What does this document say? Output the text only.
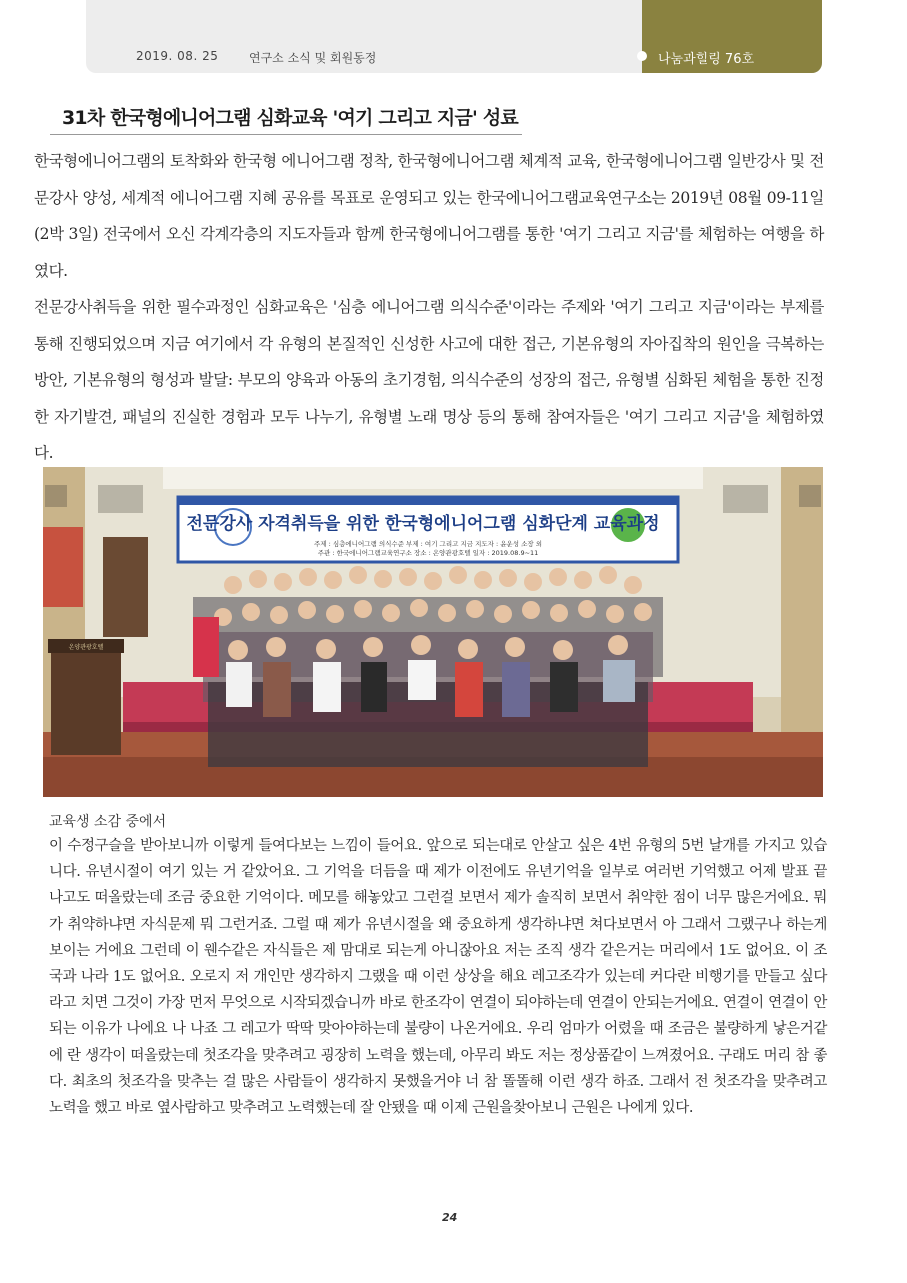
2019. 08. 25	연구소 소식 및 회원동정	나눔과힐링 76호
31차 한국형에니어그램 심화교육 '여기 그리고 지금' 성료

한국형에니어그램의 토착화와 한국형 에니어그램 정착, 한국형에니어그램 체계적 교육, 한국형에니어그램 일반강사 및 전문강사 양성, 세계적 에니어그램 지혜 공유를 목표로 운영되고 있는 한국에니어그램교육연구소는 2019년 08월 09-11일(2박 3일) 전국에서 오신 각계각층의 지도자들과 함께 한국형에니어그램를 통한 '여기 그리고 지금'를 체험하는 여행을 하였다.

전문강사취득을 위한 필수과정인 심화교육은 '심층 에니어그램 의식수준'이라는 주제와 '여기 그리고 지금'이라는 부제를 통해 진행되었으며 지금 여기에서 각 유형의 본질적인 신성한 사고에 대한 접근, 기본유형의 자아집착의 원인을 극복하는 방안, 기본유형의 형성과 발달: 부모의 양육과 아동의 초기경험, 의식수준의 성장의 접근, 유형별 심화된 체험을 통한 진정한 자기발견, 패널의 진실한 경험과 모두 나누기, 유형별 노래 명상 등의 통해 참여자들은 '여기 그리고 지금'을 체험하였다.

전문강사 자격취득을 위한 한국형에니어그램 심화단계 교육과정
주제 : 심층에니어그램 의식수준 부제 : 여기 그리고 지금 지도자 : 윤운성 소장 외
주관 : 한국에니어그램교육연구소 장소 : 온양관광호텔 일자 : 2019.08.9~11
온양관광호텔
교육생 소감 중에서

이 수정구슬을 받아보니까 이렇게 들여다보는 느낌이 들어요. 앞으로 되는대로 안살고 싶은 4번 유형의 5번 날개를 가지고 있습니다. 유년시절이 여기 있는 거 같았어요. 그 기억을 더듬을 때 제가 이전에도 유년기억을 일부로 여러번 기억했고 어제 발표 끝나고도 떠올랐는데 조금 중요한 기억이다. 메모를 해놓았고 그런걸 보면서 제가 솔직히 보면서 취약한 점이 너무 많은거에요. 뭐가 취약하냐면 자식문제 뭐 그런거죠. 그럴 때 제가 유년시절을 왜 중요하게 생각하냐면 쳐다보면서 아 그래서 그랬구나 하는게 보이는 거에요 그런데 이 웬수같은 자식들은 제 맘대로 되는게 아니잖아요 저는 조직 생각 같은거는 머리에서 1도 없어요. 이 조국과 나라 1도 없어요. 오로지 저 개인만 생각하지 그랬을 때 이런 상상을 해요 레고조각가 있는데 커다란 비행기를 만들고 싶다라고 치면 그것이 가장 먼저 무엇으로 시작되겠습니까 바로 한조각이 연결이 되야하는데 연결이 안되는거에요. 연결이 연결이 안되는 이유가 나에요 나 나죠 그 레고가 딱딱 맞아야하는데 불량이 나온거에요. 우리 엄마가 어렸을 때 조금은 불량하게 낳은거같에 란 생각이 떠올랐는데 첫조각을 맞추려고 굉장히 노력을 했는데, 아무리 봐도 저는 정상품같이 느껴졌어요. 구래도 머리 참 좋다. 최초의 첫조각을 맞추는 걸 많은 사람들이 생각하지 못했을거야 너 참 똘똘해 이런 생각 하죠. 그래서 전 첫조각을 맞추려고 노력을 했고 바로 옆사람하고 맞추려고 노력했는데 잘 안됐을 때 이제 근원을찾아보니 근원은 나에게 있다.

24
